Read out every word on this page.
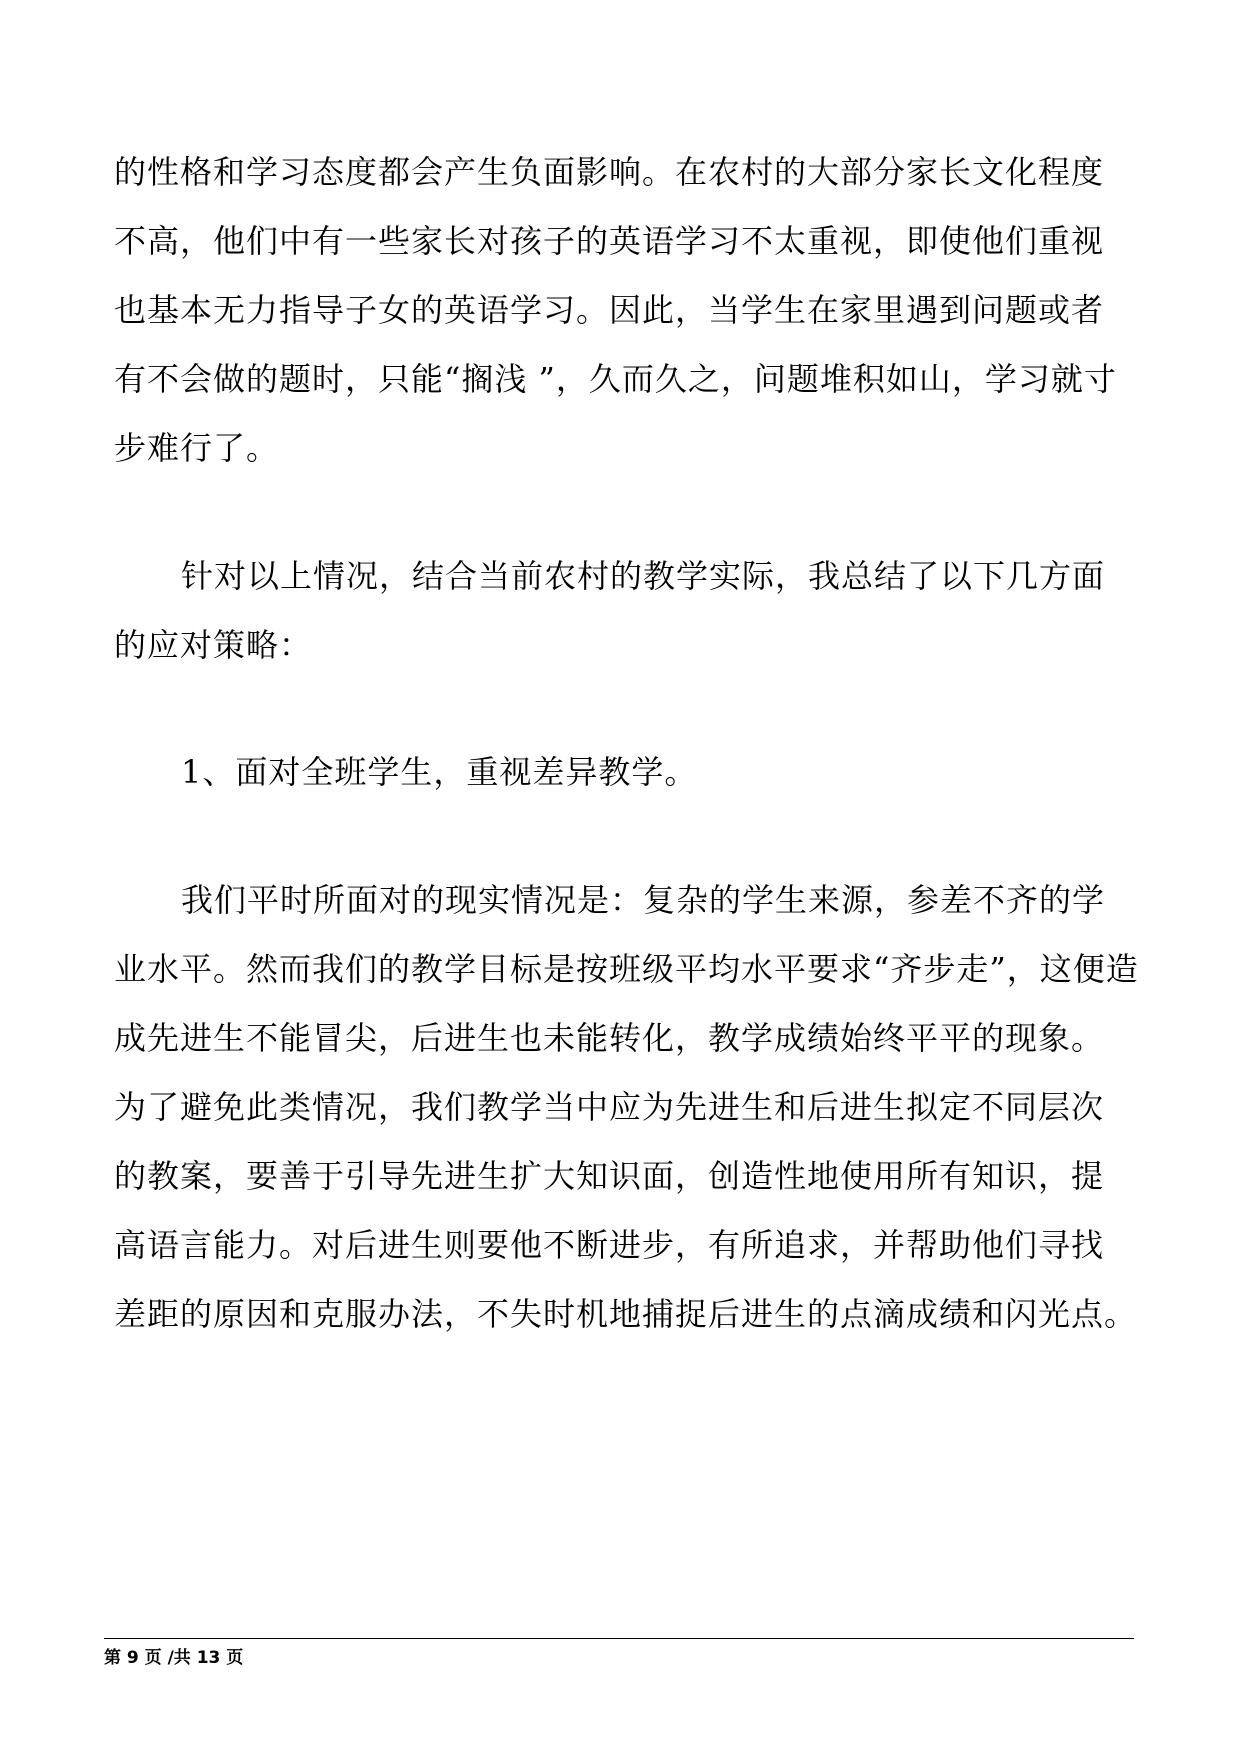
的性格和学习态度都会产生负面影响。在农村的大部分家长文化程度
不高，他们中有一些家长对孩子的英语学习不太重视，即使他们重视
也基本无力指导子女的英语学习。因此，当学生在家里遇到问题或者
有不会做的题时，只能“搁浅 ”，久而久之，问题堆积如山，学习就寸
步难行了。
针对以上情况，结合当前农村的教学实际，我总结了以下几方面
的应对策略：
1、面对全班学生，重视差异教学。
我们平时所面对的现实情况是：复杂的学生来源，参差不齐的学
业水平。然而我们的教学目标是按班级平均水平要求“齐步走”，这便造
成先进生不能冒尖，后进生也未能转化，教学成绩始终平平的现象。
为了避免此类情况，我们教学当中应为先进生和后进生拟定不同层次
的教案，要善于引导先进生扩大知识面，创造性地使用所有知识，提
高语言能力。对后进生则要他不断进步，有所追求，并帮助他们寻找
差距的原因和克服办法，不失时机地捕捉后进生的点滴成绩和闪光点。
第 9 页 /共 13 页
